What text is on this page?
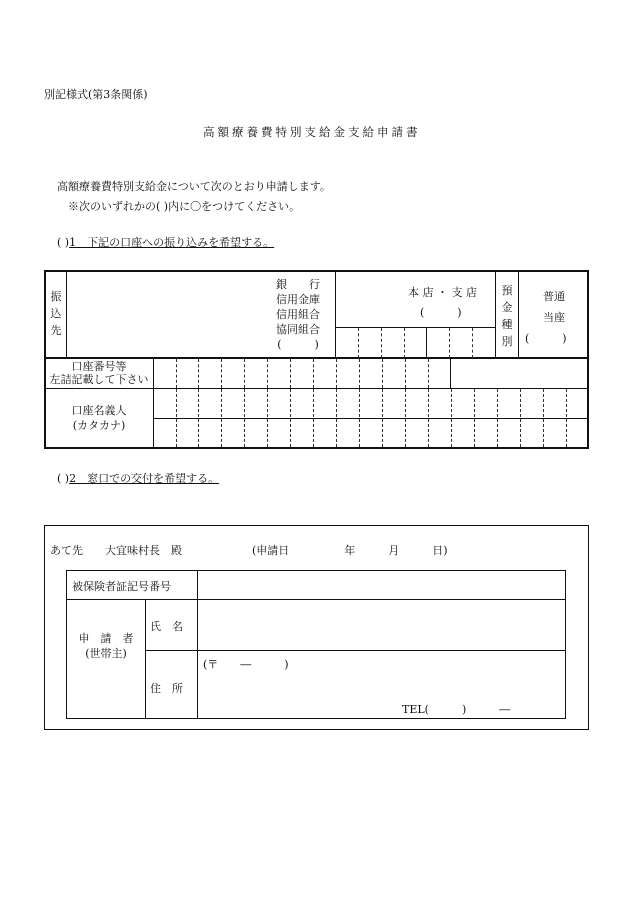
別記様式(第3条関係)
高額療養費特別支給金支給申請書
高額療養費特別支給金について次のとおり申請します。
※次のいずれかの( )内に〇をつけてください。
( )1　下記の口座への振り込みを希望する。
振
込
先
銀　　行
信用金庫
信用組合
協同組合
(　　　)
本 店 ・ 支 店
(　　　)
預
金
種
別
普通
当座
(　　　)
口座番号等
左詰記載して下さい
口座名義人
(カタカナ)
( )2　窓口での交付を希望する。
あて先　　大宜味村長　殿	(申請日　　　　　年　　　月　　　日)
被保険者証記号番号
申　請　者
(世帯主)
氏　名
住　所
(〒　　―　　　)
TEL(　　　)　　　―
